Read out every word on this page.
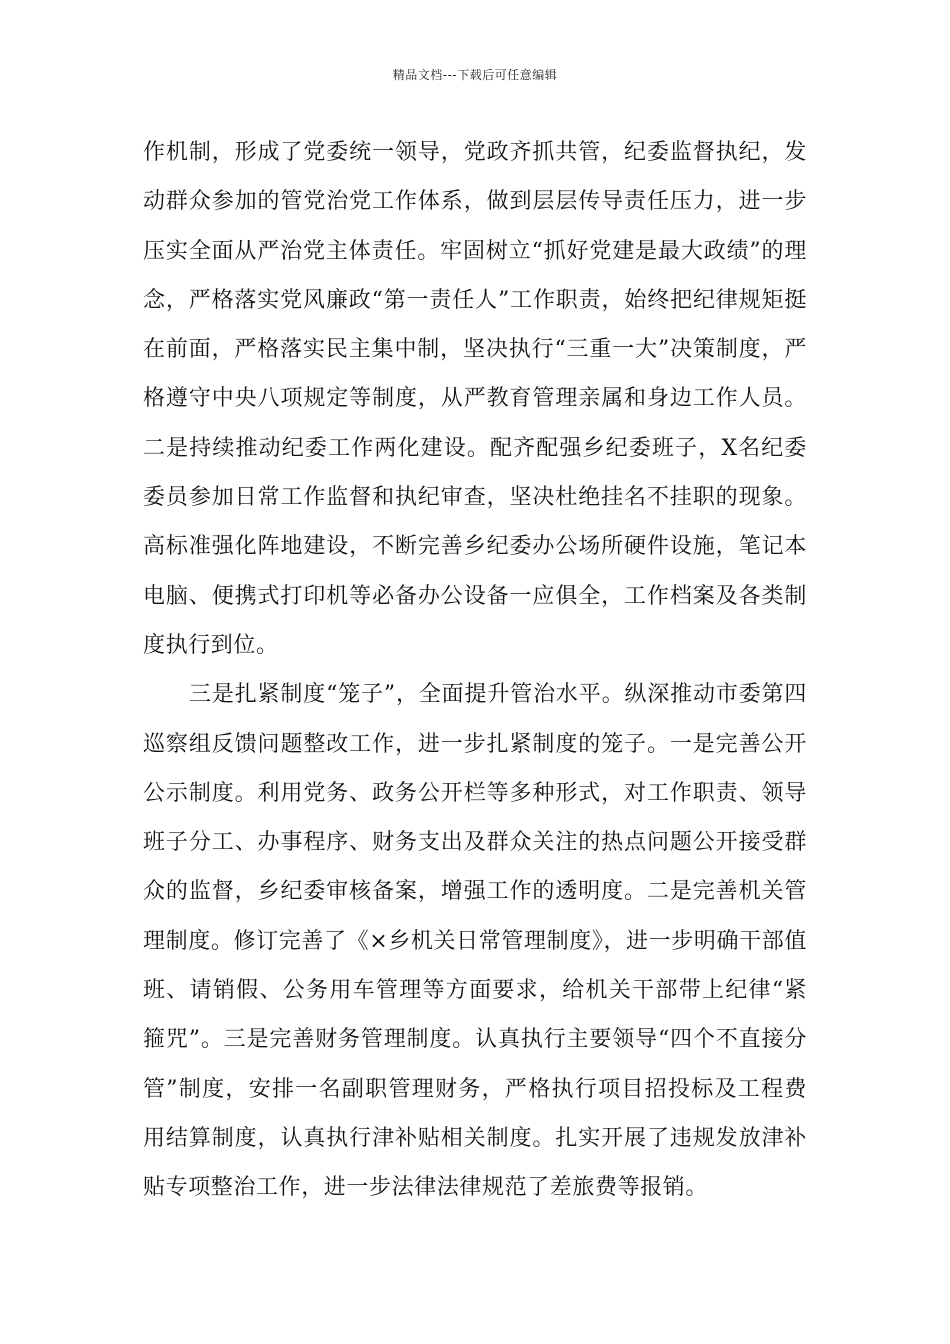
精品文档---下载后可任意编辑

作机制，形成了党委统一领导，党政齐抓共管，纪委监督执纪，发动群众参加的管党治党工作体系，做到层层传导责任压力，进一步压实全面从严治党主体责任。牢固树立“抓好党建是最大政绩”的理念，严格落实党风廉政“第一责任人”工作职责，始终把纪律规矩挺在前面，严格落实民主集中制，坚决执行“三重一大”决策制度，严格遵守中央八项规定等制度，从严教育管理亲属和身边工作人员。二是持续推动纪委工作两化建设。配齐配强乡纪委班子，X名纪委委员参加日常工作监督和执纪审查，坚决杜绝挂名不挂职的现象。高标准强化阵地建设，不断完善乡纪委办公场所硬件设施，笔记本电脑、便携式打印机等必备办公设备一应俱全，工作档案及各类制度执行到位。

三是扎紧制度“笼子”，全面提升管治水平。纵深推动市委第四巡察组反馈问题整改工作，进一步扎紧制度的笼子。一是完善公开公示制度。利用党务、政务公开栏等多种形式，对工作职责、领导班子分工、办事程序、财务支出及群众关注的热点问题公开接受群众的监督，乡纪委审核备案，增强工作的透明度。二是完善机关管理制度。修订完善了《×乡机关日常管理制度》，进一步明确干部值班、请销假、公务用车管理等方面要求，给机关干部带上纪律“紧箍咒”。三是完善财务管理制度。认真执行主要领导“四个不直接分管”制度，安排一名副职管理财务，严格执行项目招投标及工程费用结算制度，认真执行津补贴相关制度。扎实开展了违规发放津补贴专项整治工作，进一步法律法律规范了差旅费等报销。
